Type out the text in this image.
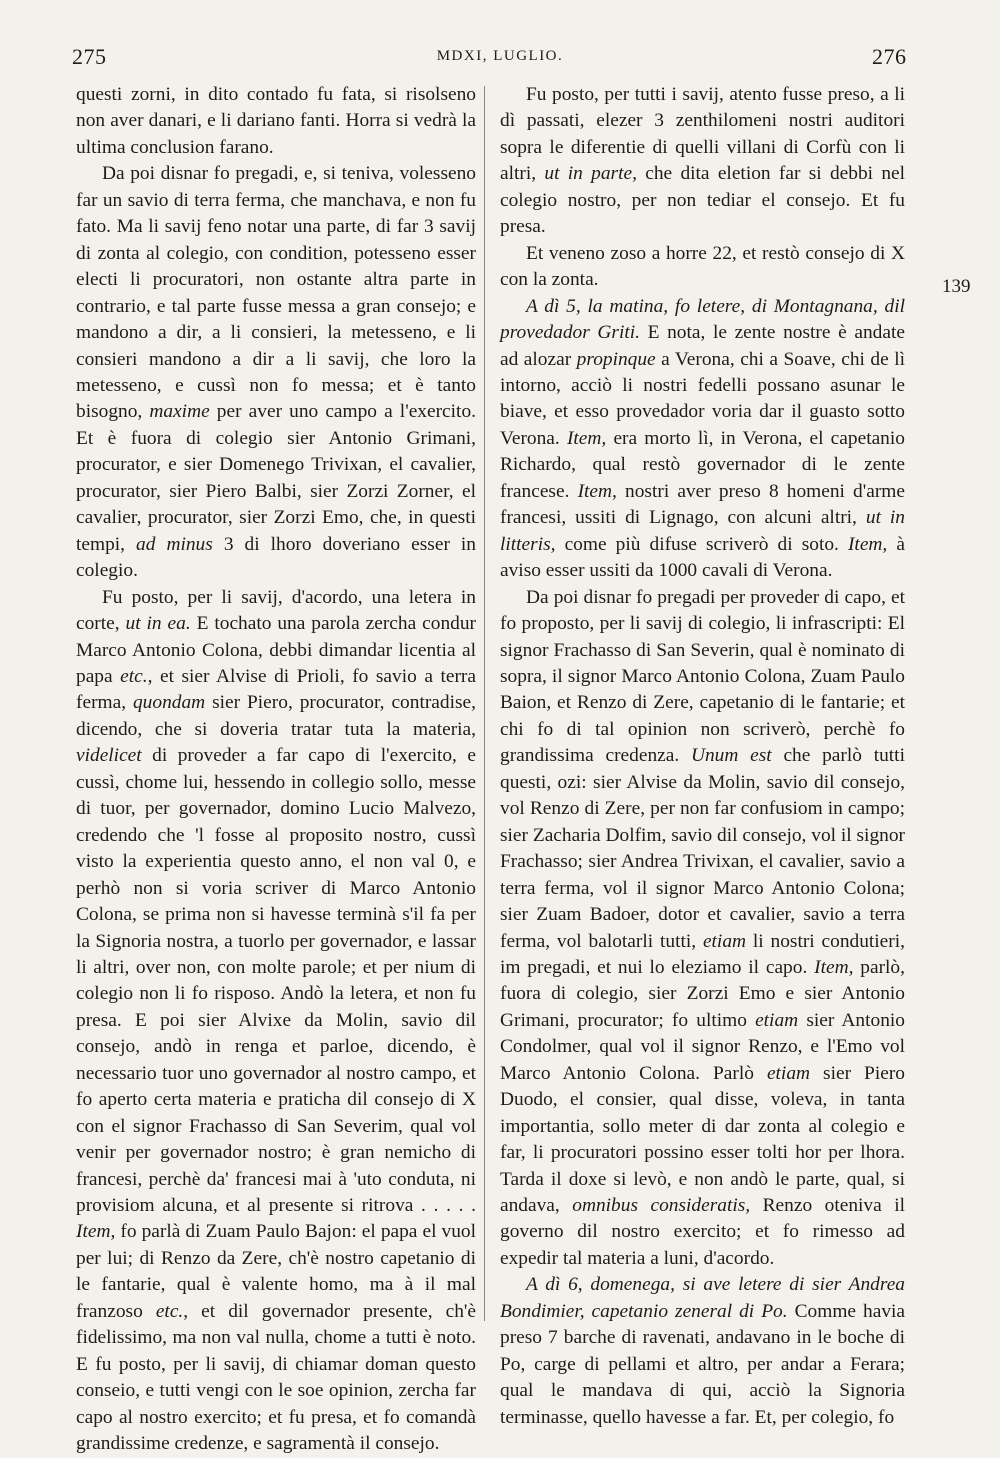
275	MDXI, LUGLIO.	276

questi zorni, in dito contado fu fata, si risolseno non aver danari, e li dariano fanti. Horra si vedrà la ultima conclusion farano.

Da poi disnar fo pregadi, e, si teniva, volesseno far un savio di terra ferma, che manchava, e non fu fato. Ma li savij feno notar una parte, di far 3 savij di zonta al colegio, con condition, potesseno esser electi li procuratori, non ostante altra parte in contrario, e tal parte fusse messa a gran consejo; e mandono a dir, a li consieri, la metesseno, e li consieri mandono a dir a li savij, che loro la metesseno, e cussì non fo messa; et è tanto bisogno, maxime per aver uno campo a l'exercito. Et è fuora di colegio sier Antonio Grimani, procurator, e sier Domenego Trivixan, el cavalier, procurator, sier Piero Balbi, sier Zorzi Zorner, el cavalier, procurator, sier Zorzi Emo, che, in questi tempi, ad minus 3 di lhoro doveriano esser in colegio.

Fu posto, per li savij, d'acordo, una letera in corte, ut in ea. E tochato una parola zercha condur Marco Antonio Colona, debbi dimandar licentia al papa etc., et sier Alvise di Prioli, fo savio a terra ferma, quondam sier Piero, procurator, contradise, dicendo, che si doveria tratar tuta la materia, videlicet di proveder a far capo di l'exercito, e cussì, chome lui, hessendo in collegio sollo, messe di tuor, per governador, domino Lucio Malvezo, credendo che 'l fosse al proposito nostro, cussì visto la experientia questo anno, el non val 0, e perhò non si voria scriver di Marco Antonio Colona, se prima non si havesse terminà s'il fa per la Signoria nostra, a tuorlo per governador, e lassar li altri, over non, con molte parole; et per nium di colegio non li fo risposo. Andò la letera, et non fu presa. E poi sier Alvixe da Molin, savio dil consejo, andò in renga et parloe, dicendo, è necessario tuor uno governador al nostro campo, et fo aperto certa materia e praticha dil consejo di X con el signor Frachasso di San Severim, qual vol venir per governador nostro; è gran nemicho di francesi, perchè da' francesi mai à 'uto conduta, ni provisiom alcuna, et al presente si ritrova . . . . . Item, fo parlà di Zuam Paulo Bajon: el papa el vuol per lui; di Renzo da Zere, ch'è nostro capetanio di le fantarie, qual è valente homo, ma à il mal franzoso etc., et dil governador presente, ch'è fidelissimo, ma non val nulla, chome a tutti è noto. E fu posto, per li savij, di chiamar doman questo conseio, e tutti vengi con le soe opinion, zercha far capo al nostro exercito; et fu presa, et fo comandà grandissime credenze, e sagramentà il consejo.

Fu posto, per tutti i savij, atento fusse preso, a li dì passati, elezer 3 zenthilomeni nostri auditori sopra le diferentie di quelli villani di Corfù con li altri, ut in parte, che dita eletion far si debbi nel colegio nostro, per non tediar el consejo. Et fu presa.

Et veneno zoso a horre 22, et restò consejo di X con la zonta.

A dì 5, la matina, fo letere, di Montagnana, dil provedador Griti. E nota, le zente nostre è andate ad alozar propinque a Verona, chi a Soave, chi de lì intorno, acciò li nostri fedelli possano asunar le biave, et esso provedador voria dar il guasto sotto Verona. Item, era morto lì, in Verona, el capetanio Richardo, qual restò governador di le zente francese. Item, nostri aver preso 8 homeni d'arme francesi, ussiti di Lignago, con alcuni altri, ut in litteris, come più difuse scriverò di soto. Item, à aviso esser ussiti da 1000 cavali di Verona.

Da poi disnar fo pregadi per proveder di capo, et fo proposto, per li savij di colegio, li infrascripti: El signor Frachasso di San Severin, qual è nominato di sopra, il signor Marco Antonio Colona, Zuam Paulo Baion, et Renzo di Zere, capetanio di le fantarie; et chi fo di tal opinion non scriverò, perchè fo grandissima credenza. Unum est che parlò tutti questi, ozi: sier Alvise da Molin, savio dil consejo, vol Renzo di Zere, per non far confusiom in campo; sier Zacharia Dolfim, savio dil consejo, vol il signor Frachasso; sier Andrea Trivixan, el cavalier, savio a terra ferma, vol il signor Marco Antonio Colona; sier Zuam Badoer, dotor et cavalier, savio a terra ferma, vol balotarli tutti, etiam li nostri condutieri, im pregadi, et nui lo eleziamo il capo. Item, parlò, fuora di colegio, sier Zorzi Emo e sier Antonio Grimani, procurator; fo ultimo etiam sier Antonio Condolmer, qual vol il signor Renzo, e l'Emo vol Marco Antonio Colona. Parlò etiam sier Piero Duodo, el consier, qual disse, voleva, in tanta importantia, sollo meter di dar zonta al colegio e far, li procuratori possino esser tolti hor per lhora. Tarda il doxe si levò, e non andò le parte, qual, si andava, omnibus consideratis, Renzo oteniva il governo dil nostro exercito; et fo rimesso ad expedir tal materia a luni, d'acordo.

A dì 6, domenega, si ave letere di sier Andrea Bondimier, capetanio zeneral di Po. Comme havia preso 7 barche di ravenati, andavano in le boche di Po, carge di pellami et altro, per andar a Ferara; qual le mandava di qui, acciò la Signoria terminasse, quello havesse a far. Et, per colegio, fo

139
